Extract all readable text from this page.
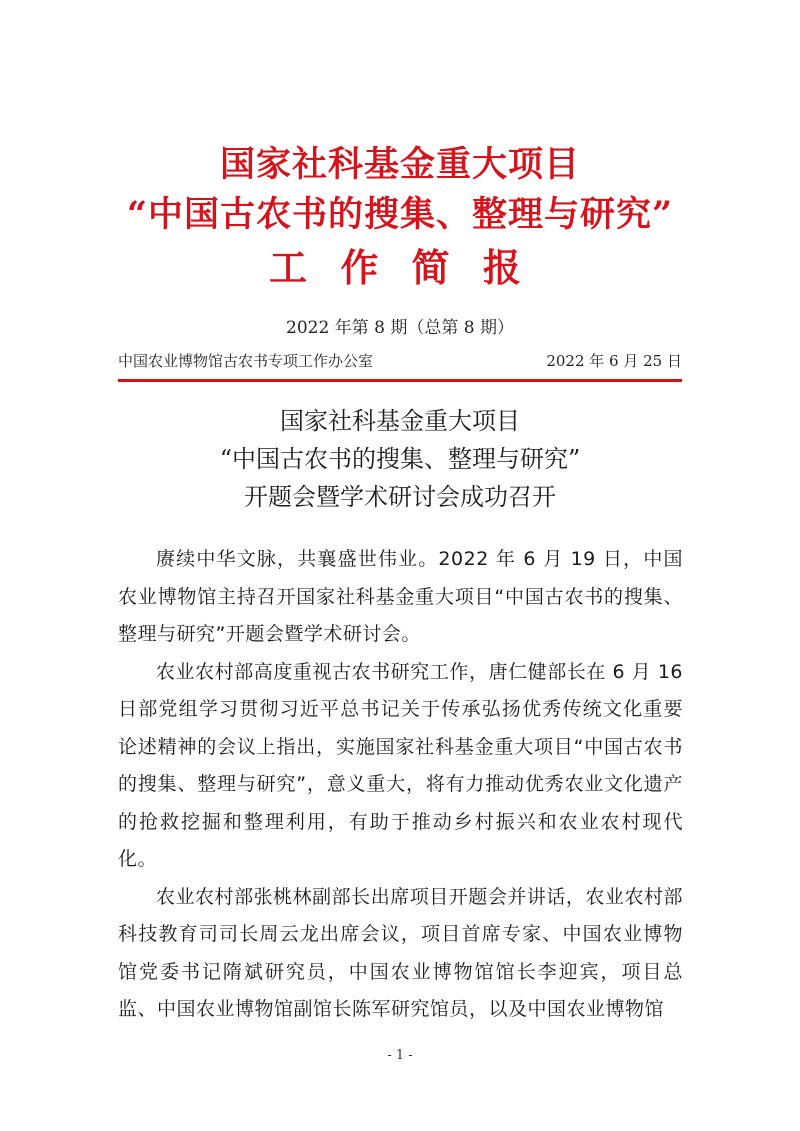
国家社科基金重大项目
“中国古农书的搜集、整理与研究”
工 作 简 报
2022 年第 8 期（总第 8 期）
中国农业博物馆古农书专项工作办公室	2022 年 6 月 25 日
国家社科基金重大项目
“中国古农书的搜集、整理与研究”
开题会暨学术研讨会成功召开

赓续中华文脉，共襄盛世伟业。2022 年 6 月 19 日，中国农业博物馆主持召开国家社科基金重大项目“中国古农书的搜集、整理与研究”开题会暨学术研讨会。

农业农村部高度重视古农书研究工作，唐仁健部长在 6 月 16 日部党组学习贯彻习近平总书记关于传承弘扬优秀传统文化重要论述精神的会议上指出，实施国家社科基金重大项目“中国古农书的搜集、整理与研究”，意义重大，将有力推动优秀农业文化遗产的抢救挖掘和整理利用，有助于推动乡村振兴和农业农村现代化。

农业农村部张桃林副部长出席项目开题会并讲话，农业农村部科技教育司司长周云龙出席会议，项目首席专家、中国农业博物馆党委书记隋斌研究员，中国农业博物馆馆长李迎宾，项目总监、中国农业博物馆副馆长陈军研究馆员，以及中国农业博物馆

- 1 -
